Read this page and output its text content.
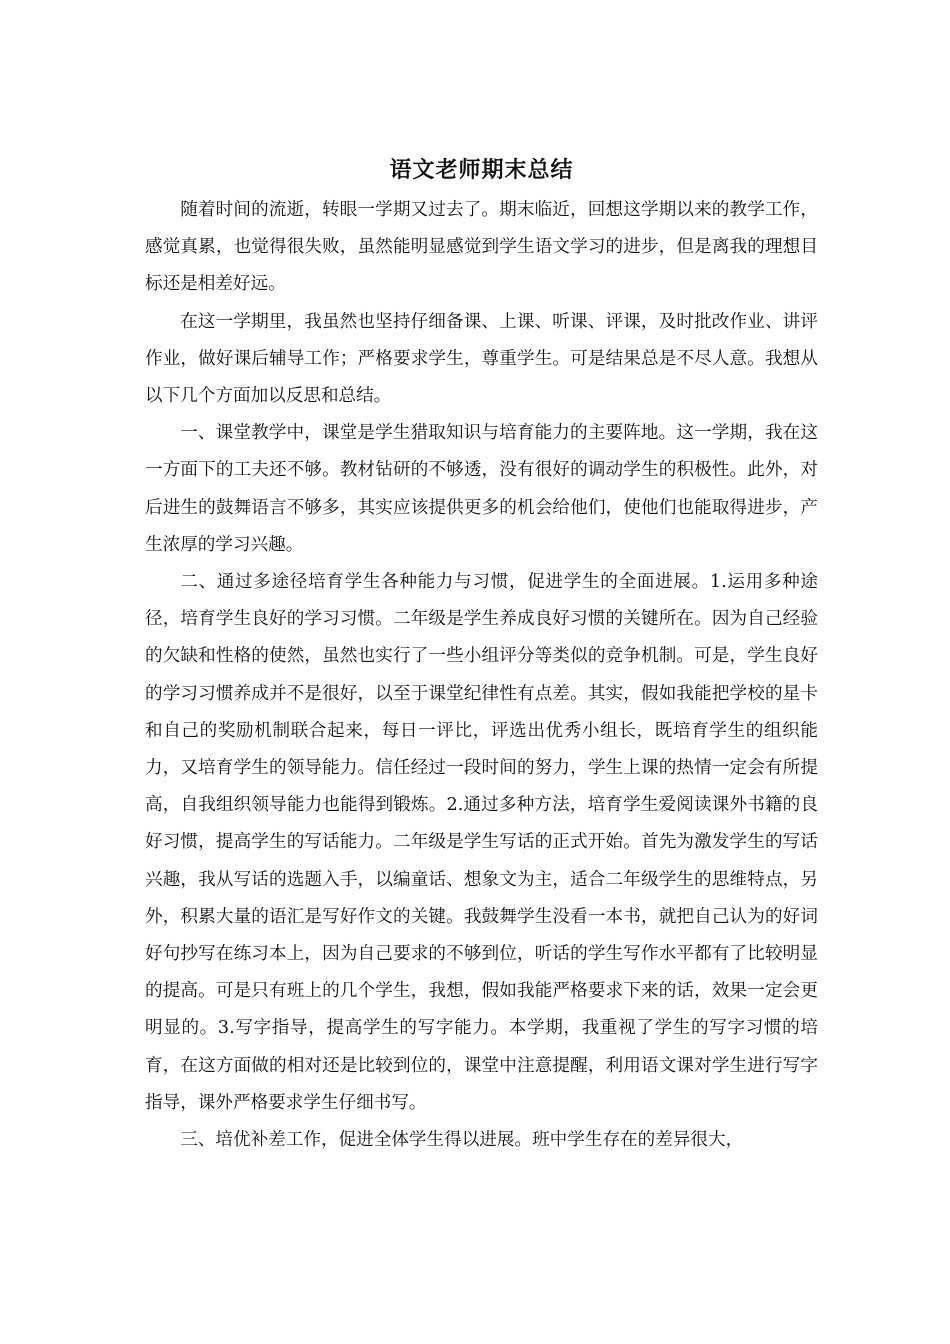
语文老师期末总结

随着时间的流逝，转眼一学期又过去了。期末临近，回想这学期以来的教学工作，感觉真累，也觉得很失败，虽然能明显感觉到学生语文学习的进步，但是离我的理想目标还是相差好远。

在这一学期里，我虽然也坚持仔细备课、上课、听课、评课，及时批改作业、讲评作业，做好课后辅导工作；严格要求学生，尊重学生。可是结果总是不尽人意。我想从以下几个方面加以反思和总结。

一、课堂教学中，课堂是学生猎取知识与培育能力的主要阵地。这一学期，我在这一方面下的工夫还不够。教材钻研的不够透，没有很好的调动学生的积极性。此外，对后进生的鼓舞语言不够多，其实应该提供更多的机会给他们，使他们也能取得进步，产生浓厚的学习兴趣。

二、通过多途径培育学生各种能力与习惯，促进学生的全面进展。1.运用多种途径，培育学生良好的学习习惯。二年级是学生养成良好习惯的关键所在。因为自己经验的欠缺和性格的使然，虽然也实行了一些小组评分等类似的竞争机制。可是，学生良好的学习习惯养成并不是很好，以至于课堂纪律性有点差。其实，假如我能把学校的星卡和自己的奖励机制联合起来，每日一评比，评选出优秀小组长，既培育学生的组织能力，又培育学生的领导能力。信任经过一段时间的努力，学生上课的热情一定会有所提高，自我组织领导能力也能得到锻炼。2.通过多种方法，培育学生爱阅读课外书籍的良好习惯，提高学生的写话能力。二年级是学生写话的正式开始。首先为激发学生的写话兴趣，我从写话的选题入手，以编童话、想象文为主，适合二年级学生的思维特点，另外，积累大量的语汇是写好作文的关键。我鼓舞学生没看一本书，就把自己认为的好词好句抄写在练习本上，因为自己要求的不够到位，听话的学生写作水平都有了比较明显的提高。可是只有班上的几个学生，我想，假如我能严格要求下来的话，效果一定会更明显的。3.写字指导，提高学生的写字能力。本学期，我重视了学生的写字习惯的培育，在这方面做的相对还是比较到位的，课堂中注意提醒，利用语文课对学生进行写字指导，课外严格要求学生仔细书写。

三、培优补差工作，促进全体学生得以进展。班中学生存在的差异很大，
